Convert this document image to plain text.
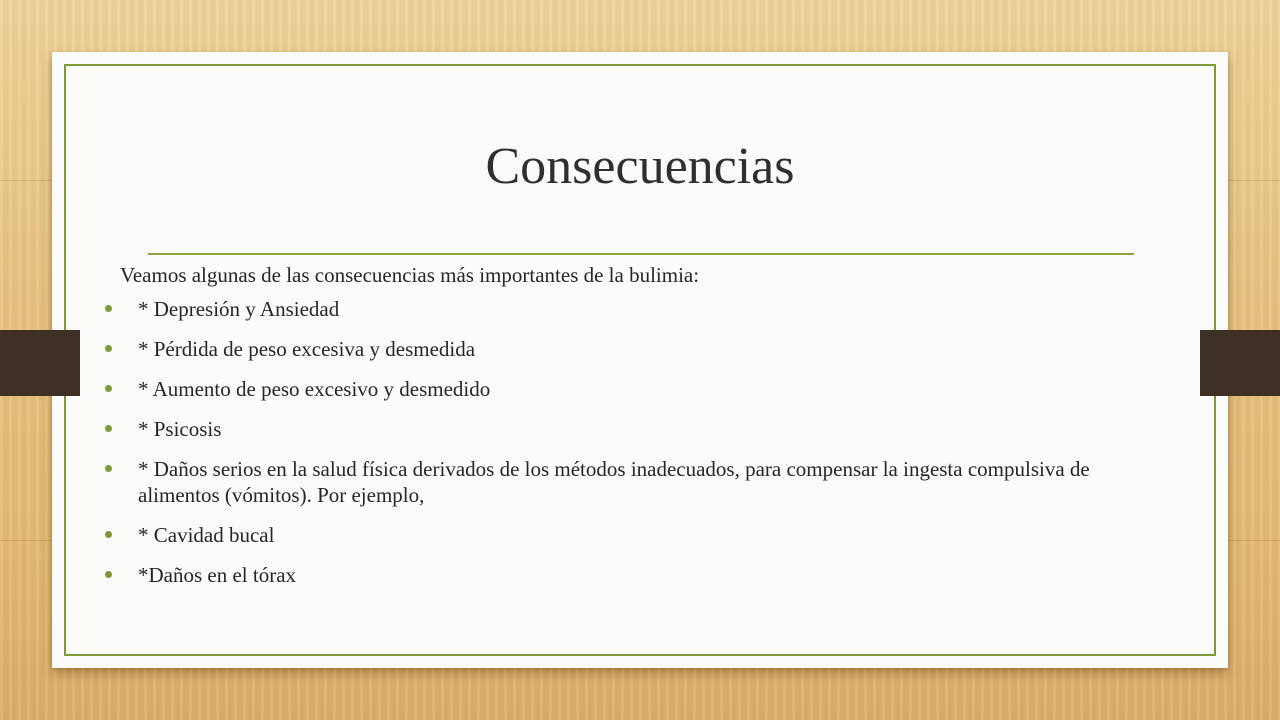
Consecuencias

Veamos algunas de las consecuencias más importantes de la bulimia:

* Depresión y Ansiedad
* Pérdida de peso excesiva y desmedida
* Aumento de peso excesivo y desmedido
* Psicosis
* Daños serios en la salud física derivados de los métodos inadecuados, para compensar la ingesta compulsiva de alimentos (vómitos). Por ejemplo,
* Cavidad bucal
*Daños en el tórax
